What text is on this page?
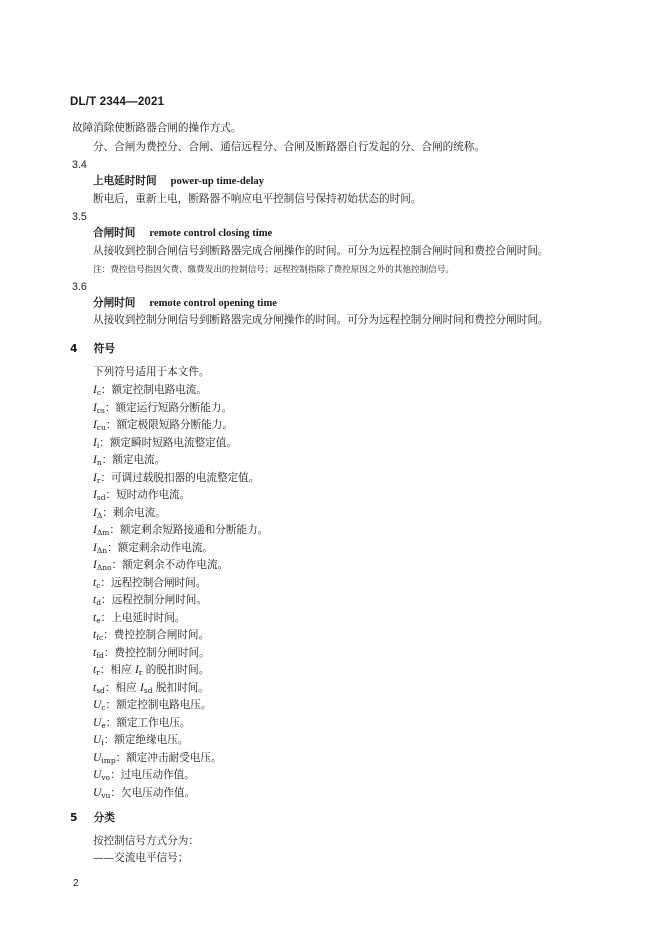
DL/T 2344—2021
故障消除使断路器合闸的操作方式。
分、合闸为费控分、合闸、通信远程分、合闸及断路器自行发起的分、合闸的统称。
3.4
上电延时时间 power-up time-delay
断电后，重新上电，断路器不响应电平控制信号保持初始状态的时间。
3.5
合闸时间 remote control closing time
从接收到控制合闸信号到断路器完成合闸操作的时间。可分为远程控制合闸时间和费控合闸时间。
注：费控信号指因欠费、缴费发出的控制信号；远程控制指除了费控原因之外的其他控制信号。
3.6
分闸时间 remote control opening time
从接收到控制分闸信号到断路器完成分闸操作的时间。可分为远程控制分闸时间和费控分闸时间。
4 符号
下列符号适用于本文件。
$I_c$：额定控制电路电流。
$I_{cs}$：额定运行短路分断能力。
$I_{cu}$：额定极限短路分断能力。
$I_i$：额定瞬时短路电流整定值。
$I_n$：额定电流。
$I_r$：可调过载脱扣器的电流整定值。
$I_{sd}$：短时动作电流。
$I_\Delta$：剩余电流。
$I_{\Delta m}$：额定剩余短路接通和分断能力。
$I_{\Delta n}$：额定剩余动作电流。
$I_{\Delta no}$：额定剩余不动作电流。
$t_c$：远程控制合闸时间。
$t_d$：远程控制分闸时间。
$t_e$：上电延时时间。
$t_{fc}$：费控控制合闸时间。
$t_{fd}$：费控控制分闸时间。
$t_r$：相应 $I_r$ 的脱扣时间。
$t_{sd}$：相应 $I_{sd}$ 脱扣时间。
$U_c$：额定控制电路电压。
$U_e$：额定工作电压。
$U_i$：额定绝缘电压。
$U_{imp}$：额定冲击耐受电压。
$U_{vo}$：过电压动作值。
$U_{vu}$：欠电压动作值。
5 分类
按控制信号方式分为：
——交流电平信号；
2
